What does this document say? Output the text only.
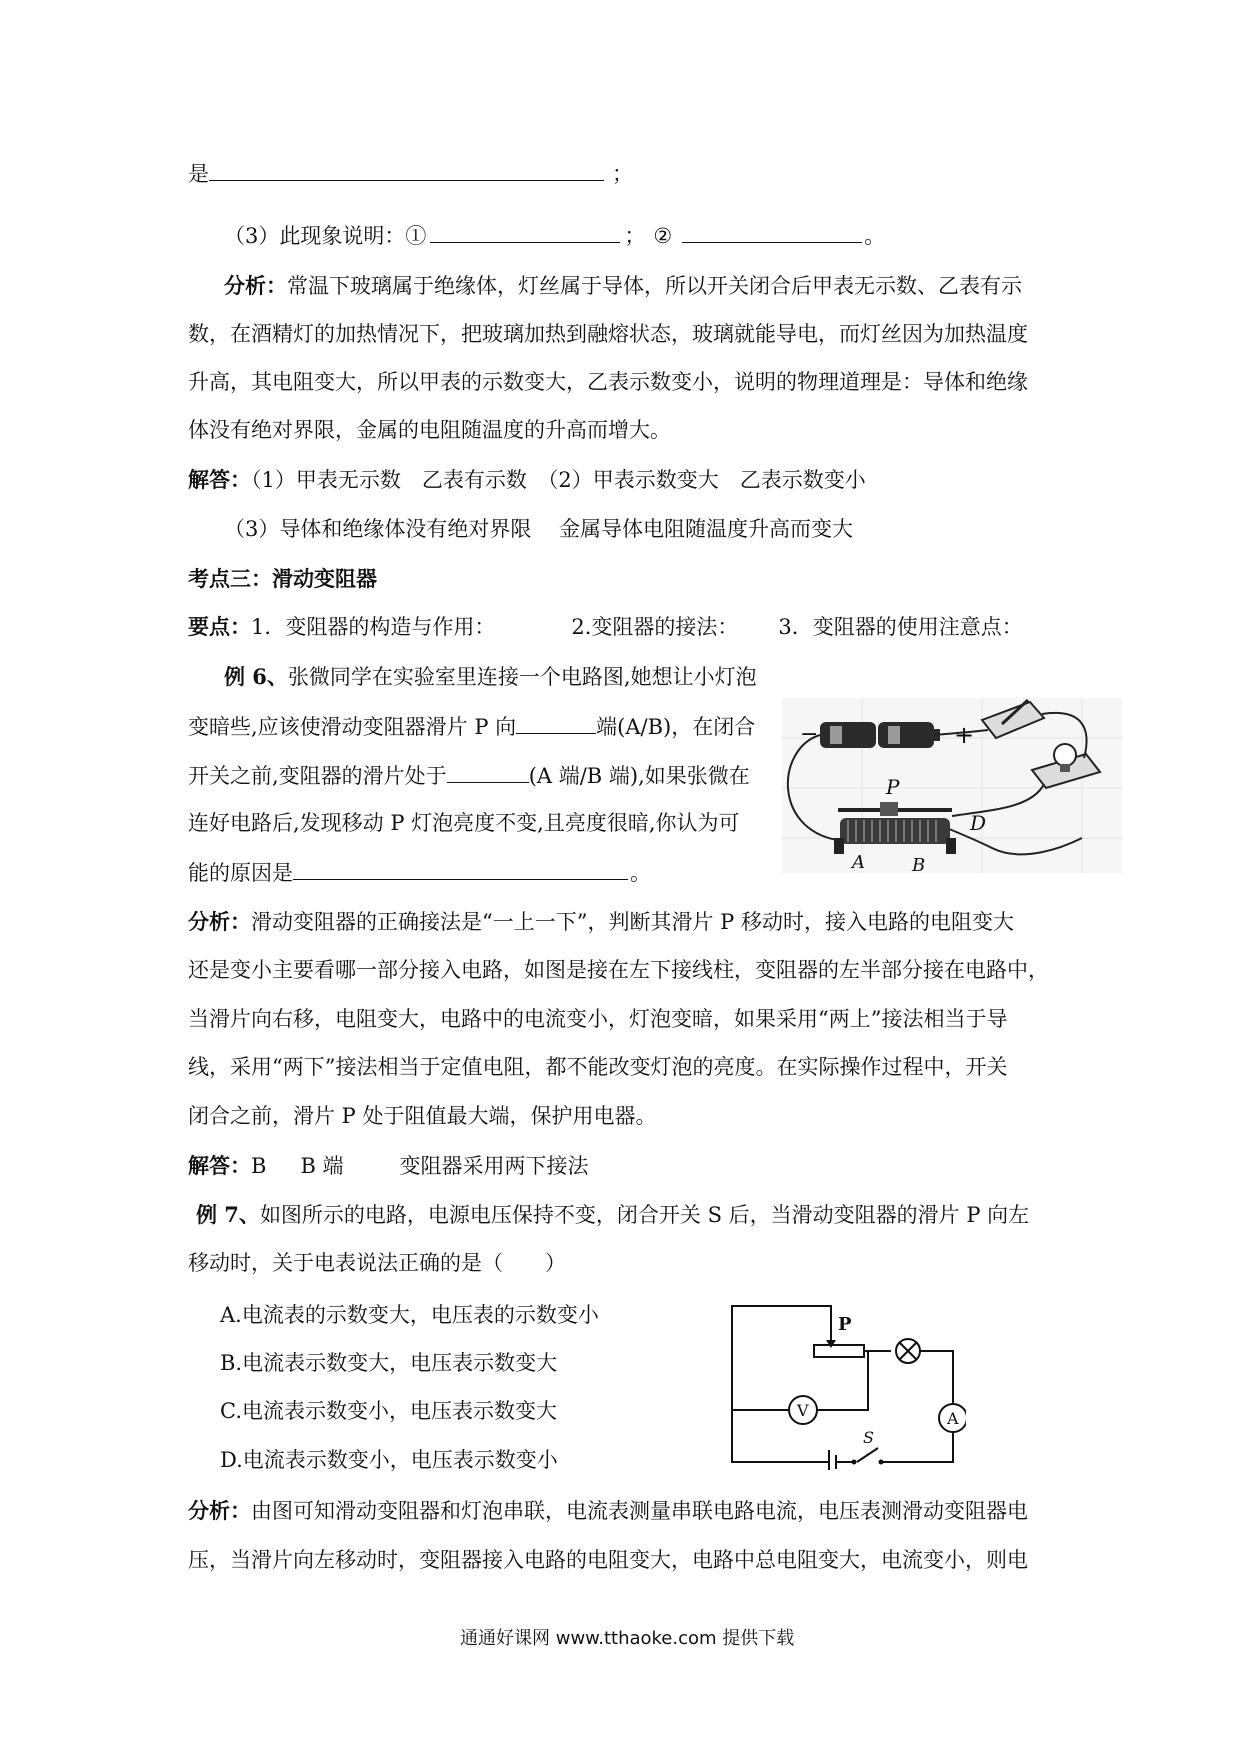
是	；
（3）此现象说明：①	； ②	。
分析：常温下玻璃属于绝缘体，灯丝属于导体，所以开关闭合后甲表无示数、乙表有示
数，在酒精灯的加热情况下，把玻璃加热到融熔状态，玻璃就能导电，而灯丝因为加热温度
升高，其电阻变大，所以甲表的示数变大，乙表示数变小，说明的物理道理是：导体和绝缘
体没有绝对界限，金属的电阻随温度的升高而增大。
解答：（1）甲表无示数　乙表有示数　（2）甲表示数变大　乙表示数变小
（3）导体和绝缘体没有绝对界限　 金属导体电阻随温度升高而变大
考点三：滑动变阻器
要点：1．变阻器的构造与作用：	2.变阻器的接法： 3．变阻器的使用注意点：
例 6、张微同学在实验室里连接一个电路图,她想让小灯泡
变暗些,应该使滑动变阻器滑片 P 向	端(A/B)，在闭合
开关之前,变阻器的滑片处于	(A 端/B 端),如果张微在
连好电路后,发现移动 P 灯泡亮度不变,且亮度很暗,你认为可
能的原因是	。
−	+
P
D
A	B
分析：滑动变阻器的正确接法是“一上一下”，判断其滑片 P 移动时，接入电路的电阻变大
还是变小主要看哪一部分接入电路，如图是接在左下接线柱，变阻器的左半部分接在电路中，
当滑片向右移，电阻变大，电路中的电流变小，灯泡变暗，如果采用“两上”接法相当于导
线，采用“两下”接法相当于定值电阻，都不能改变灯泡的亮度。在实际操作过程中，开关
闭合之前，滑片 P 处于阻值最大端，保护用电器。
解答：B B 端	变阻器采用两下接法
例 7、如图所示的电路，电源电压保持不变，闭合开关 S 后，当滑动变阻器的滑片 P 向左
移动时，关于电表说法正确的是（　　）
A.电流表的示数变大，电压表的示数变小
B.电流表示数变大，电压表示数变大
C.电流表示数变小，电压表示数变大
D.电流表示数变小，电压表示数变小
P
V	A
S
分析：由图可知滑动变阻器和灯泡串联，电流表测量串联电路电流，电压表测滑动变阻器电
压，当滑片向左移动时，变阻器接入电路的电阻变大，电路中总电阻变大，电流变小，则电
通通好课网 www.tthaoke.com 提供下载
